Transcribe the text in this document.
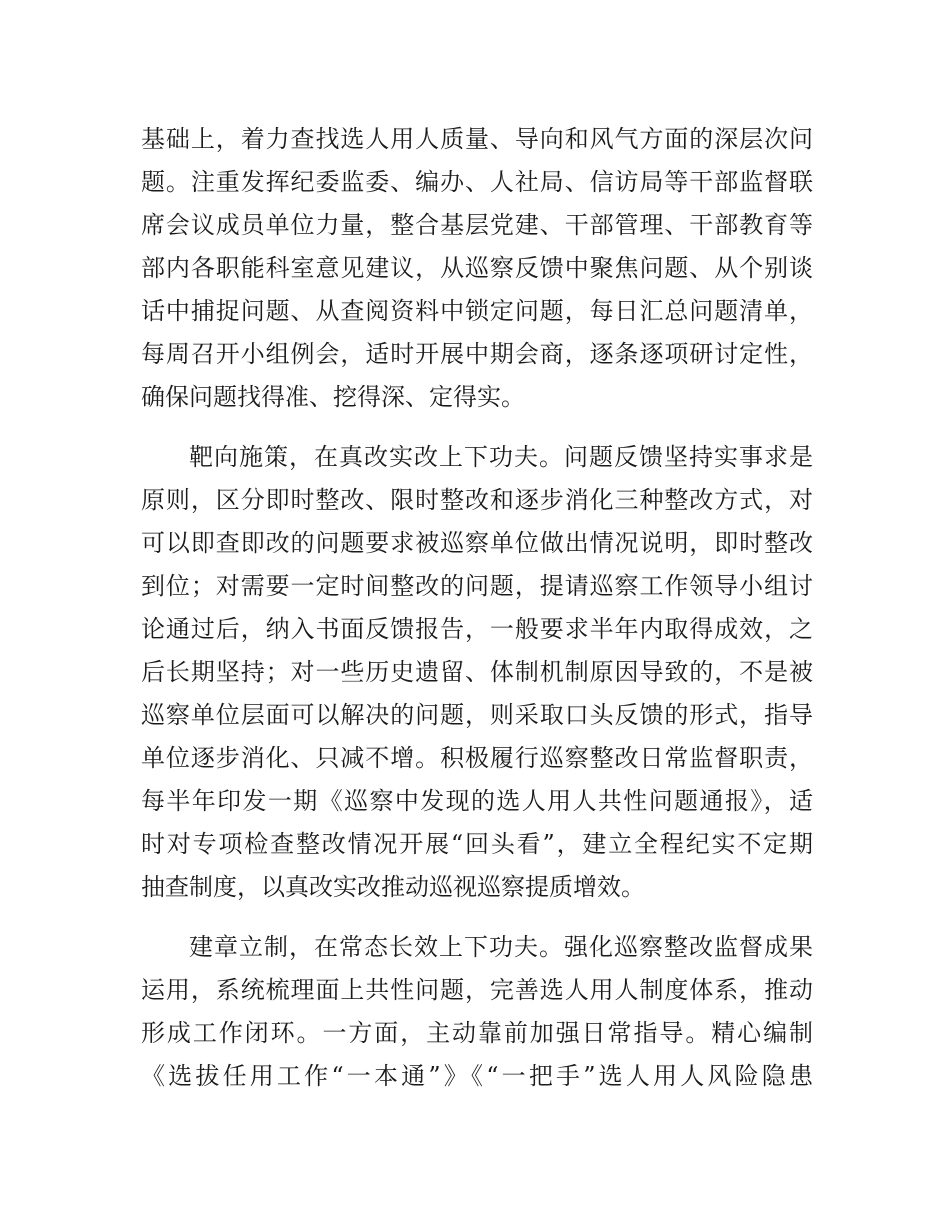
基础上，着力查找选人用人质量、导向和风气方面的深层次问
题。注重发挥纪委监委、编办、人社局、信访局等干部监督联
席会议成员单位力量，整合基层党建、干部管理、干部教育等
部内各职能科室意见建议，从巡察反馈中聚焦问题、从个别谈
话中捕捉问题、从查阅资料中锁定问题，每日汇总问题清单，
每周召开小组例会，适时开展中期会商，逐条逐项研讨定性，
确保问题找得准、挖得深、定得实。
靶向施策，在真改实改上下功夫。问题反馈坚持实事求是
原则，区分即时整改、限时整改和逐步消化三种整改方式，对
可以即查即改的问题要求被巡察单位做出情况说明，即时整改
到位；对需要一定时间整改的问题，提请巡察工作领导小组讨
论通过后，纳入书面反馈报告，一般要求半年内取得成效，之
后长期坚持；对一些历史遗留、体制机制原因导致的，不是被
巡察单位层面可以解决的问题，则采取口头反馈的形式，指导
单位逐步消化、只减不增。积极履行巡察整改日常监督职责，
每半年印发一期《巡察中发现的选人用人共性问题通报》，适
时对专项检查整改情况开展“回头看”，建立全程纪实不定期
抽查制度，以真改实改推动巡视巡察提质增效。
建章立制，在常态长效上下功夫。强化巡察整改监督成果
运用，系统梳理面上共性问题，完善选人用人制度体系，推动
形成工作闭环。一方面，主动靠前加强日常指导。精心编制
《选拔任用工作“一本通”》《“一把手”选人用人风险隐患
